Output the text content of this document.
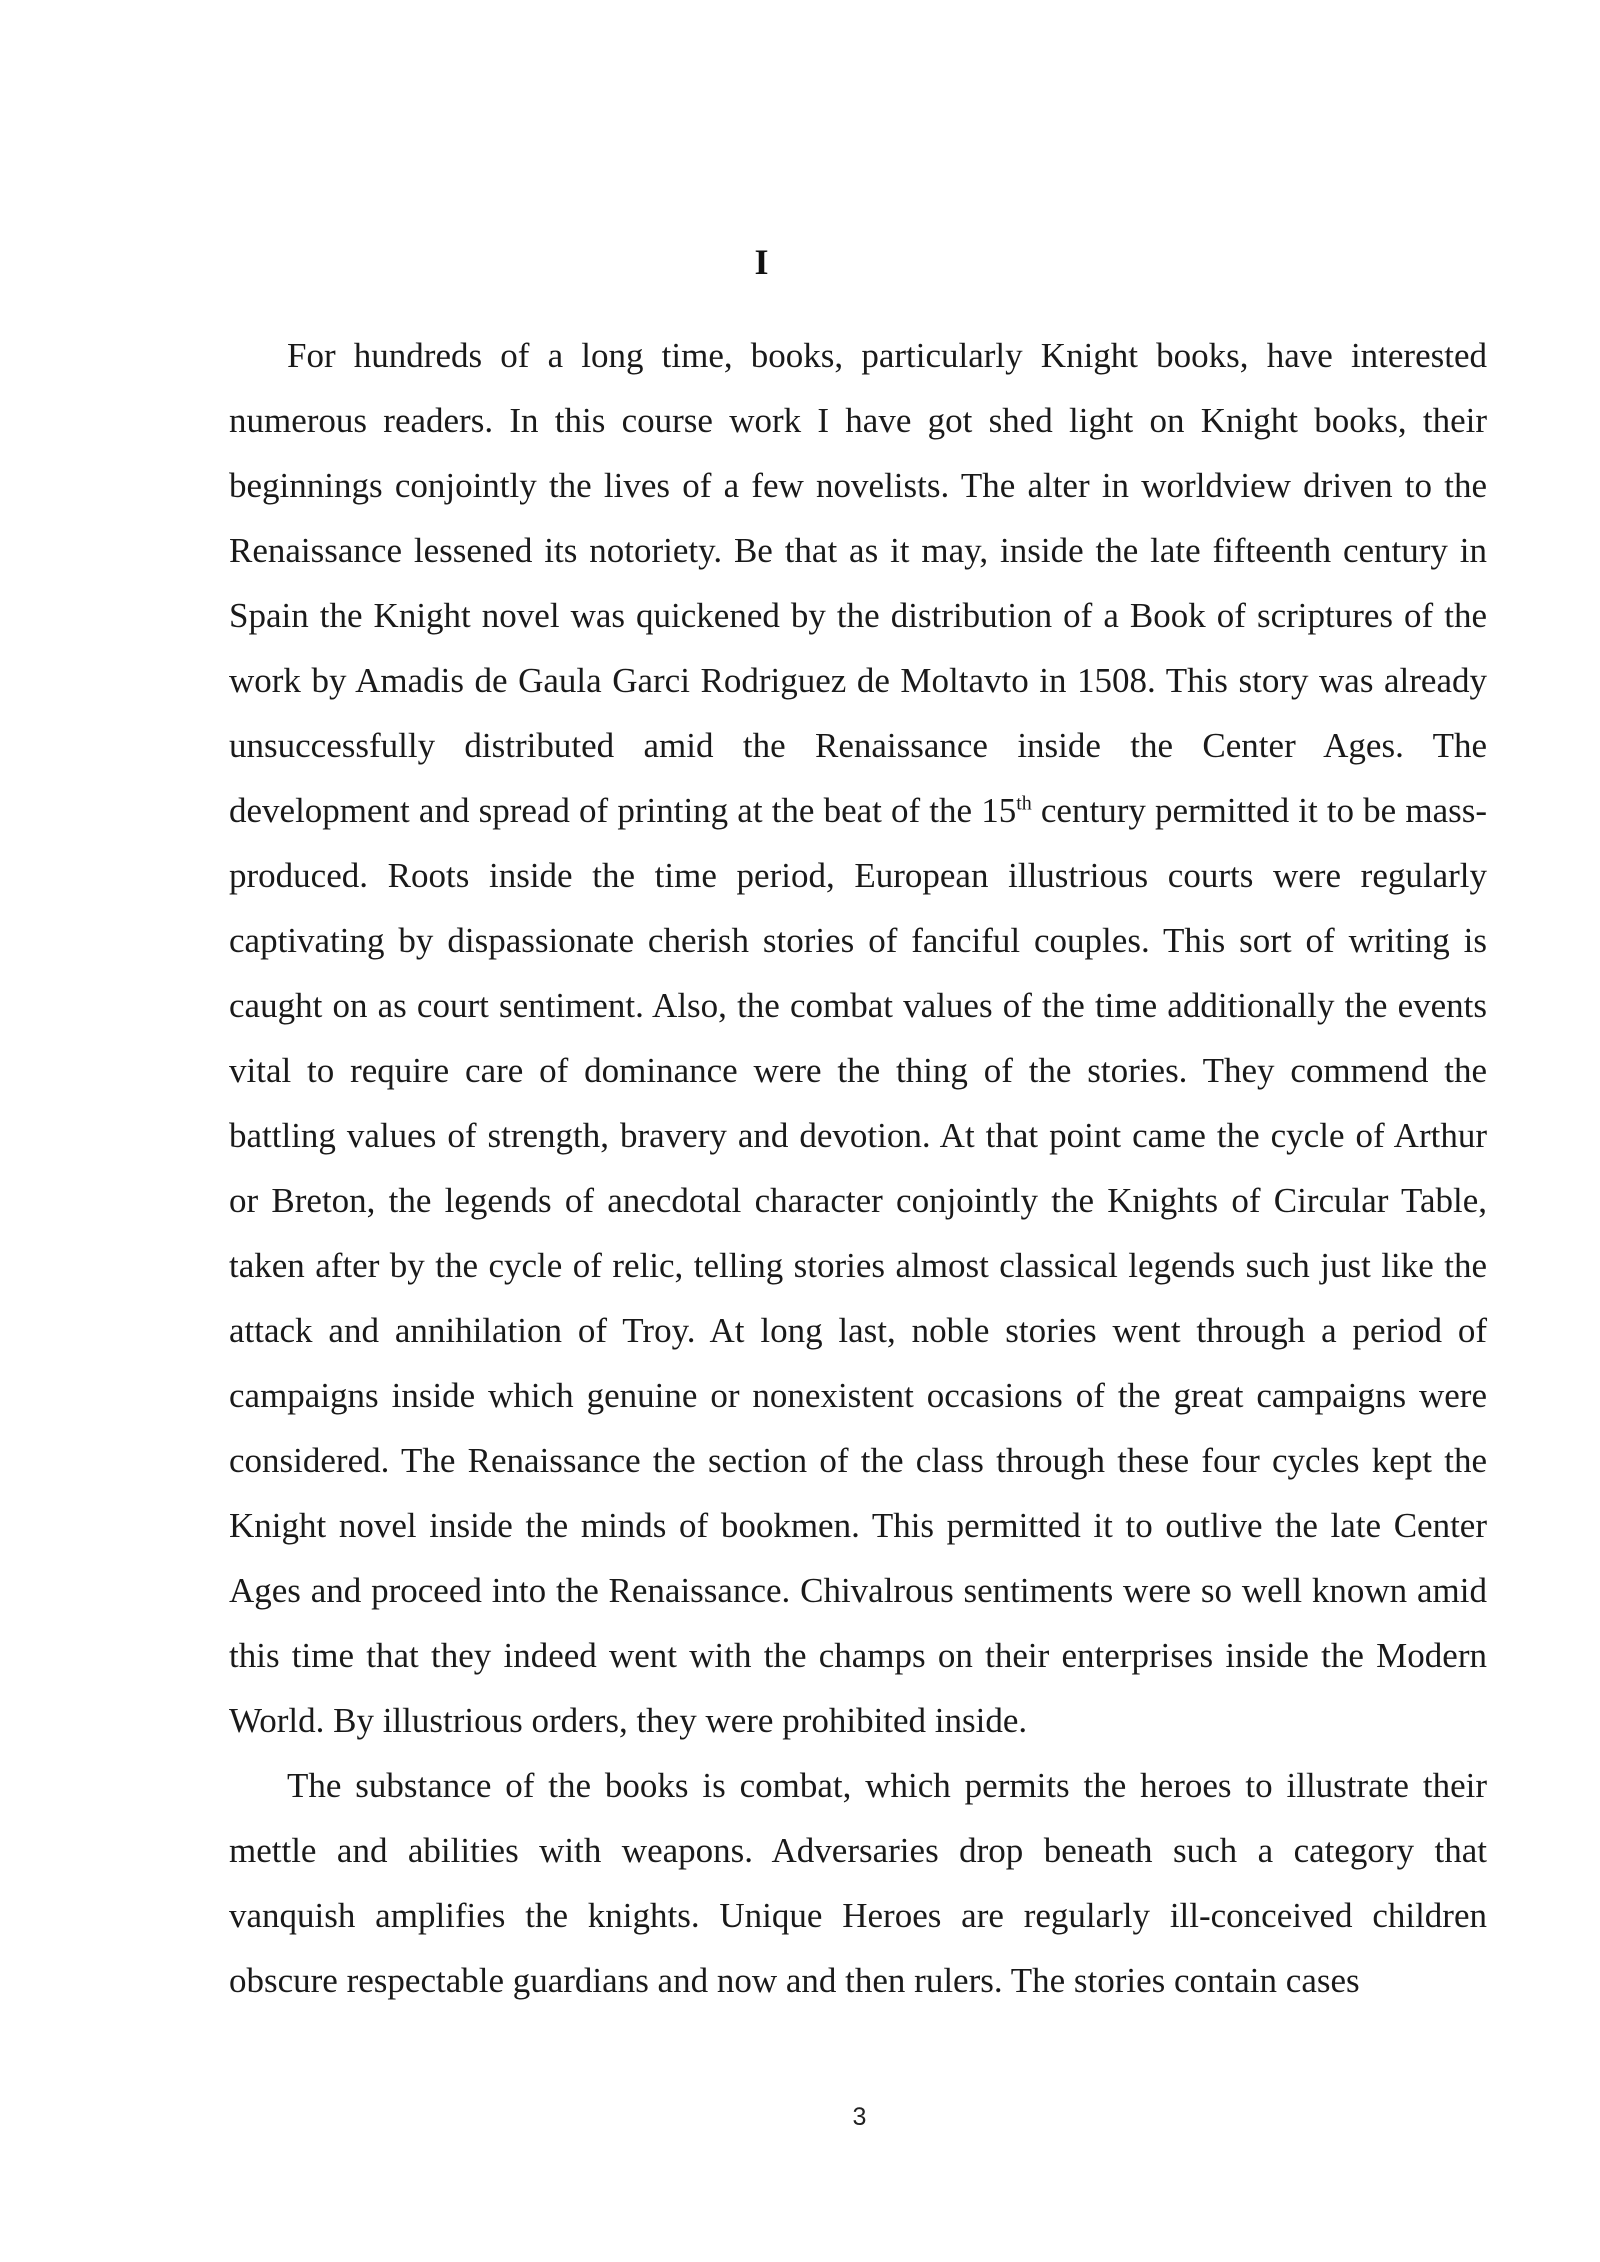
I

For hundreds of a long time, books, particularly Knight books, have interested numerous readers. In this course work I have got shed light on Knight books, their beginnings conjointly the lives of a few novelists. The alter in worldview driven to the Renaissance lessened its notoriety. Be that as it may, inside the late fifteenth century in Spain the Knight novel was quickened by the distribution of a Book of scriptures of the work by Amadis de Gaula Garci Rodriguez de Moltavto in 1508. This story was already unsuccessfully distributed amid the Renaissance inside the Center Ages. The development and spread of printing at the beat of the 15th century permitted it to be mass-produced. Roots inside the time period, European illustrious courts were regularly captivating by dispassionate cherish stories of fanciful couples. This sort of writing is caught on as court sentiment. Also, the combat values of the time additionally the events vital to require care of dominance were the thing of the stories. They commend the battling values of strength, bravery and devotion. At that point came the cycle of Arthur or Breton, the legends of anecdotal character conjointly the Knights of Circular Table, taken after by the cycle of relic, telling stories almost classical legends such just like the attack and annihilation of Troy. At long last, noble stories went through a period of campaigns inside which genuine or nonexistent occasions of the great campaigns were considered. The Renaissance the section of the class through these four cycles kept the Knight novel inside the minds of bookmen. This permitted it to outlive the late Center Ages and proceed into the Renaissance. Chivalrous sentiments were so well known amid this time that they indeed went with the champs on their enterprises inside the Modern World. By illustrious orders, they were prohibited inside.

The substance of the books is combat, which permits the heroes to illustrate their mettle and abilities with weapons. Adversaries drop beneath such a category that vanquish amplifies the knights. Unique Heroes are regularly ill-conceived children obscure respectable guardians and now and then rulers. The stories contain cases

3
